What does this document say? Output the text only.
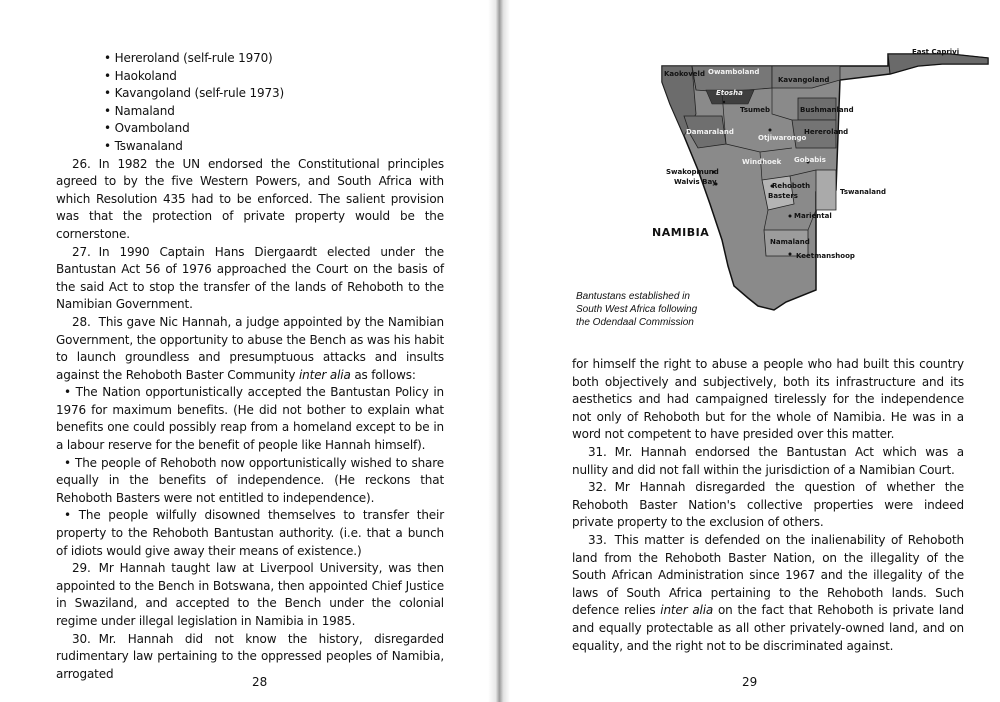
• Hereroland (self-rule 1970)
• Haokoland
• Kavangoland (self-rule 1973)
• Namaland
• Ovamboland
• Tswanaland

26. In 1982 the UN endorsed the Constitutional principles agreed to by the five Western Powers, and South Africa with which Resolution 435 had to be enforced. The salient provision was that the protection of private property would be the cornerstone.

27. In 1990 Captain Hans Diergaardt elected under the Bantustan Act 56 of 1976 approached the Court on the basis of the said Act to stop the transfer of the lands of Rehoboth to the Namibian Government.

28. This gave Nic Hannah, a judge appointed by the Namibian Government, the opportunity to abuse the Bench as was his habit to launch groundless and presumptuous attacks and insults against the Rehoboth Baster Community inter alia as follows:

• The Nation opportunistically accepted the Bantustan Policy in 1976 for maximum benefits. (He did not bother to explain what benefits one could possibly reap from a homeland except to be in a labour reserve for the benefit of people like Hannah himself).

• The people of Rehoboth now opportunistically wished to share equally in the benefits of independence. (He reckons that Rehoboth Basters were not entitled to independence).

• The people wilfully disowned themselves to transfer their property to the Rehoboth Bantustan authority. (i.e. that a bunch of idiots would give away their means of existence.)

29. Mr Hannah taught law at Liverpool University, was then appointed to the Bench in Botswana, then appointed Chief Justice in Swaziland, and accepted to the Bench under the colonial regime under illegal legislation in Namibia in 1985.

30. Mr. Hannah did not know the history, disregarded rudimentary law pertaining to the oppressed peoples of Namibia, arrogated

28
East Caprivi
Kaokoveld Owamboland
Kavangoland
Etosha
Tsumeb	Bushmanland
Damaraland
Otjiwarongo
Hereroland
Windhoek Gobabis
Swakopmund
Walvis Bay	Rehoboth
Basters	Tswanaland
Mariental
Namaland
Keetmanshoop
NAMIBIA
Bantustans established in
South West Africa following
the Odendaal Commission

for himself the right to abuse a people who had built this country both objectively and subjectively, both its infrastructure and its aesthetics and had campaigned tirelessly for the independence not only of Rehoboth but for the whole of Namibia. He was in a word not competent to have presided over this matter.

31. Mr. Hannah endorsed the Bantustan Act which was a nullity and did not fall within the jurisdiction of a Namibian Court.

32. Mr Hannah disregarded the question of whether the Rehoboth Baster Nation's collective properties were indeed private property to the exclusion of others.

33. This matter is defended on the inalienability of Rehoboth land from the Rehoboth Baster Nation, on the illegality of the South African Administration since 1967 and the illegality of the laws of South Africa pertaining to the Rehoboth lands. Such defence relies inter alia on the fact that Rehoboth is private land and equally protectable as all other privately-owned land, and on equality, and the right not to be discriminated against.

29
